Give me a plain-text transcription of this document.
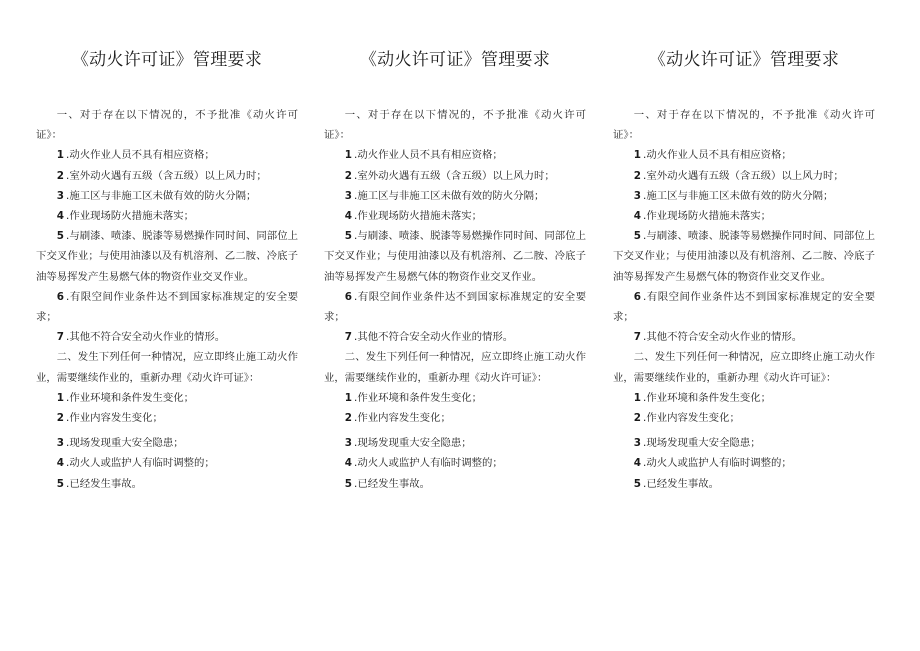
《动火许可证》管理要求

一、对于存在以下情况的，不予批准《动火许可证》：

1 .动火作业人员不具有相应资格；
2 .室外动火遇有五级（含五级）以上风力时；
3 .施工区与非施工区未做有效的防火分隔；
4 .作业现场防火措施未落实；
5 .与刷漆、喷漆、脱漆等易燃操作同时间、同部位上下交叉作业；与使用油漆以及有机溶剂、乙二胺、冷底子油等易挥发产生易燃气体的物资作业交叉作业。
6 .有限空间作业条件达不到国家标准规定的安全要求；
7 .其他不符合安全动火作业的情形。

二、发生下列任何一种情况，应立即终止施工动火作业，需要继续作业的，重新办理《动火许可证》：

1 .作业环境和条件发生变化；
2 .作业内容发生变化；
3 .现场发现重大安全隐患；
4 .动火人或监护人有临时调整的；
5 .已经发生事故。
《动火许可证》管理要求

一、对于存在以下情况的，不予批准《动火许可证》：

1 .动火作业人员不具有相应资格；
2 .室外动火遇有五级（含五级）以上风力时；
3 .施工区与非施工区未做有效的防火分隔；
4 .作业现场防火措施未落实；
5 .与刷漆、喷漆、脱漆等易燃操作同时间、同部位上下交叉作业；与使用油漆以及有机溶剂、乙二胺、冷底子油等易挥发产生易燃气体的物资作业交叉作业。
6 .有限空间作业条件达不到国家标准规定的安全要求；
7 .其他不符合安全动火作业的情形。

二、发生下列任何一种情况，应立即终止施工动火作业，需要继续作业的，重新办理《动火许可证》：

1 .作业环境和条件发生变化；
2 .作业内容发生变化；
3 .现场发现重大安全隐患；
4 .动火人或监护人有临时调整的；
5 .已经发生事故。
《动火许可证》管理要求

一、对于存在以下情况的，不予批准《动火许可证》：

1 .动火作业人员不具有相应资格；
2 .室外动火遇有五级（含五级）以上风力时；
3 .施工区与非施工区未做有效的防火分隔；
4 .作业现场防火措施未落实；
5 .与刷漆、喷漆、脱漆等易燃操作同时间、同部位上下交叉作业；与使用油漆以及有机溶剂、乙二胺、冷底子油等易挥发产生易燃气体的物资作业交叉作业。
6 .有限空间作业条件达不到国家标准规定的安全要求；
7 .其他不符合安全动火作业的情形。

二、发生下列任何一种情况，应立即终止施工动火作业，需要继续作业的，重新办理《动火许可证》：

1 .作业环境和条件发生变化；
2 .作业内容发生变化；
3 .现场发现重大安全隐患；
4 .动火人或监护人有临时调整的；
5 .已经发生事故。
